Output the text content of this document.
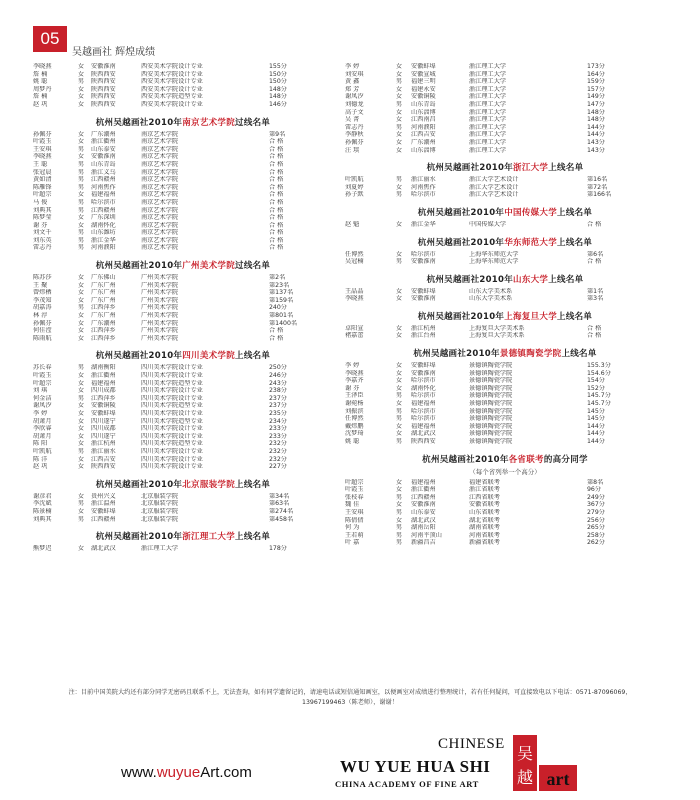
05
吴越画社 辉煌成绩
李晓燕	女	安徽淮南	西安美术学院设计专业	155分
詹 楠	女	陕西西安	西安美术学院设计专业	150分
姚 聪	男	陕西西安	西安美术学院设计专业	150分
周梦丹	女	陕西西安	西安美术学院设计专业	148分
詹 楠	女	陕西西安	西安美术学院造型专业	148分
赵 巩	女	陕西西安	西安美术学院设计专业	146分
杭州吴越画社2010年南京艺术学院过线名单
孙佩芬	女	广东潮州	南京艺术学院	第9名
叶霞玉	女	浙江衢州	南京艺术学院	合 格
王安琪	男	山东泰安	南京艺术学院	合 格
李晓燕	女	安徽淮南	南京艺术学院	合 格
王 聪	男	山东青岛	南京艺术学院	合 格
张冠晨	男	浙江义乌	南京艺术学院	合 格
黄如清	男	江西赣州	南京艺术学院	合 格
陈雁锋	男	河南焦作	南京艺术学院	合 格
叶超宗	女	福建福州	南京艺术学院	合 格
马 俊	男	哈尔滨市	南京艺术学院	合 格
刘典其	男	江西赣州	南京艺术学院	合 格
陈梦莹	女	广东深圳	南京艺术学院	合 格
谢 芬	女	湖南怀化	南京艺术学院	合 格
刘文千	男	山东潍坊	南京艺术学院	合 格
刘东英	男	浙江金华	南京艺术学院	合 格
雷志丹	男	河南濮阳	南京艺术学院	合 格
杭州吴越画社2010年广州美术学院过线名单
陈苏莎	女	广东佛山	广州美术学院	第2名
王 聚	女	广东广州	广州美术学院	第23名
曾炜栖	女	广东广州	广州美术学院	第137名
李茂知	女	广东广州	广州美术学院	第159名
胡嘉涛	男	江西萍乡	广州美术学院	240分
林 淳	女	广东广州	广州美术学院	第801名
孙佩芬	女	广东潮州	广州美术学院	第1400名
何佳滢	女	江西萍乡	广州美术学院	合 格
陈雨航	女	江西萍乡	广州美术学院	合 格
杭州吴越画社2010年四川美术学院上线名单
苏长春	男	湖南衡阳	四川美术学院设计专业	250分
叶霞玉	女	浙江衢州	四川美术学院设计专业	246分
叶超宗	女	福建福州	四川美术学院造型专业	243分
刘 琪	女	四川成都	四川美术学院设计专业	238分
何金洁	男	江西萍乡	四川美术学院设计专业	237分
谢凤汐	女	安徽铜陵	四川美术学院造型专业	237分
李 婷	女	安徽蚌埠	四川美术学院设计专业	235分
胡萧月	女	四川遂宁	四川美术学院造型专业	234分
李欣睿	女	四川成都	四川美术学院设计专业	233分
胡萧月	女	四川遂宁	四川美术学院设计专业	233分
陈 阳	女	浙江杭州	四川美术学院造型专业	232分
叶凯航	男	浙江丽水	四川美术学院设计专业	232分
陈 洋	女	江西吉安	四川美术学院设计专业	232分
赵 巩	女	陕西西安	四川美术学院设计专业	227分
杭州吴越画社2010年北京服装学院上线名单
谢彦君	女	贵州兴义	北京服装学院	第34名
李沈斌	男	浙江温州	北京服装学院	第63名
陈景楠	女	安徽蚌埠	北京服装学院	第274名
刘典其	男	江西赣州	北京服装学院	第458名
杭州吴越画社2010年浙江理工大学上线名单
熊梦迟	女	湖北武汉	浙江理工大学	178分
李 婷	女	安徽蚌埠	浙江理工大学	173分
刘安琪	女	安徽宣城	浙江理工大学	164分
黄 鑫	男	福建三明	浙江理工大学	159分
郑 芳	女	福建永安	浙江理工大学	157分
谢凤汐	女	安徽铜陵	浙江理工大学	149分
刘德龙	男	山东青岛	浙江理工大学	147分
高子文	女	山东淄博	浙江理工大学	148分
吴 菁	女	江西南昌	浙江理工大学	148分
雷志丹	男	河南濮阳	浙江理工大学	144分
李静秋	女	江西吉安	浙江理工大学	144分
孙佩芬	女	广东潮州	浙江理工大学	143分
汪 琰	女	山东淄博	浙江理工大学	143分
杭州吴越画社2010年浙江大学上线名单
叶凯航	男	浙江丽水	浙江大学艺术设计	第16名
刘夏婷	女	河南焦作	浙江大学艺术设计	第72名
孙子默	男	哈尔滨市	浙江大学艺术设计	第166名
杭州吴越画社2010年中国传媒大学上线名单
赵 魁	女	浙江金华	中国传媒大学	合 格
杭州吴越画社2010年华东师范大学上线名单
任博然	女	哈尔滨市	上海华东师范大学	第6名
吴冠楠	男	安徽淮南	上海华东师范大学	合 格
杭州吴越画社2010年山东大学上线名单
王晶晶	女	安徽蚌埠	山东大学美术系	第1名
李晓燕	女	安徽淮南	山东大学美术系	第3名
杭州吴越画社2010年上海复旦大学上线名单
卓阳宣	女	浙江杭州	上海复旦大学美术系	合 格
褚嘉蕾	女	浙江台州	上海复旦大学美术系	合 格
杭州吴越画社2010年景德镇陶瓷学院上线名单
李 婷	女	安徽蚌埠	景德镇陶瓷学院	155.3分
李晓燕	女	安徽淮南	景德镇陶瓷学院	154.6分
李嘉齐	女	哈尔滨市	景德镇陶瓷学院	154分
谢 芬	女	湖南怀化	景德镇陶瓷学院	152分
王泽臣	男	哈尔滨市	景德镇陶瓷学院	145.7分
谢菀杨	女	福建福州	景德镇陶瓷学院	145.7分
刘振滨	男	哈尔滨市	景德镇陶瓷学院	145分
任博然	男	哈尔滨市	景德镇陶瓷学院	145分
戴炜鹏	女	福建福州	景德镇陶瓷学院	144分
沈梦琦	女	湖北武汉	景德镇陶瓷学院	144分
姚 聪	男	陕西西安	景德镇陶瓷学院	144分
杭州吴越画社2010年各省联考的高分同学
（每个省列举一个高分）
叶超宗	女	福建福州	福建省联考	第8名
叶霞玉	女	浙江衢州	浙江省联考	96分
张枝春	男	江西赣州	江西省联考	249分
魏 佳	女	安徽淮南	安徽省联考	367分
王安琪	男	山东泰安	山东省联考	279分
陈倩倩	女	湖北武汉	湖北省联考	256分
何 为	男	湖南岳阳	湖南省联考	265分
王若萌	男	河南平顶山	河南省联考	258分
叶 嘉	男	新疆昌吉	新疆省联考	262分
注：目前中国美院大约还有部分同学无密码且联系不上，无法查询，如有同学遗留记的，请速电话或短信通知画室，以便画室对成绩进行整理统计，若有任何疑问，可直接致电以下电话：0571-87096069，13967199463（陈老师），谢谢！
www.wuyueArt.com
CHINESE
WU YUE HUA SHI
CHINA ACADEMY OF FINE ART
吴
越 art
